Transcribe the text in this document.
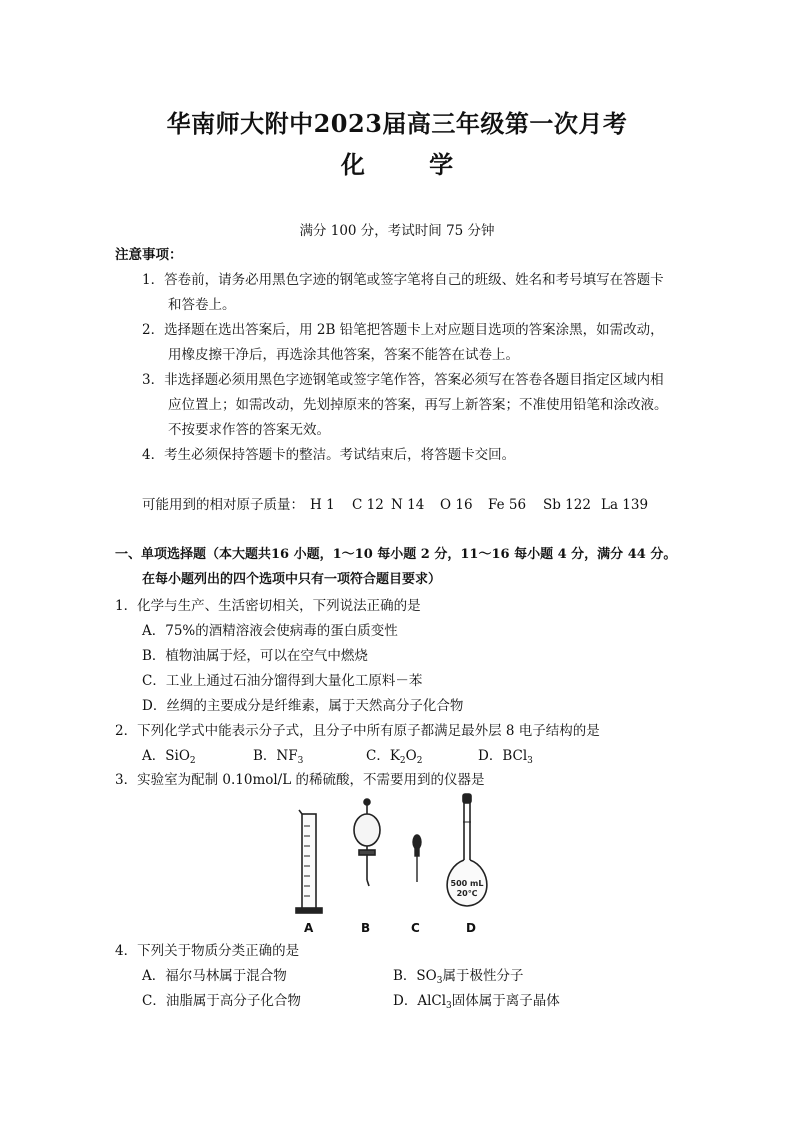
华南师大附中2023届高三年级第一次月考
化 学
满分 100 分，考试时间 75 分钟
注意事项：
1．答卷前，请务必用黑色字迹的钢笔或签字笔将自己的班级、姓名和考号填写在答题卡
和答卷上。
2．选择题在选出答案后，用 2B 铅笔把答题卡上对应题目选项的答案涂黑，如需改动，
用橡皮擦干净后，再选涂其他答案，答案不能答在试卷上。
3．非选择题必须用黑色字迹钢笔或签字笔作答，答案必须写在答卷各题目指定区域内相
应位置上；如需改动，先划掉原来的答案，再写上新答案；不准使用铅笔和涂改液。
不按要求作答的答案无效。
4．考生必须保持答题卡的整洁。考试结束后，将答题卡交回。
可能用到的相对原子质量： H 1 C 12 N 14 O 16 Fe 56 Sb 122 La 139
一、单项选择题（本大题共16 小题，1～10 每小题 2 分，11～16 每小题 4 分，满分 44 分。
在每小题列出的四个选项中只有一项符合题目要求）
1．化学与生产、生活密切相关，下列说法正确的是
A．75%的酒精溶液会使病毒的蛋白质变性
B．植物油属于烃，可以在空气中燃烧
C．工业上通过石油分馏得到大量化工原料－苯
D．丝绸的主要成分是纤维素，属于天然高分子化合物
2．下列化学式中能表示分子式，且分子中所有原子都满足最外层 8 电子结构的是
A．SiO$_2$	B．$NF_3$	C．$K_2O_2$	D．BCl$_3$
3．实验室为配制 0.10mol/L 的稀硫酸，不需要用到的仪器是
500 mL
20℃
A	B	C	D
4．下列关于物质分类正确的是
A．福尔马林属于混合物	B．$SO_3$属于极性分子
C．油脂属于高分子化合物	D．AlCl$_3$固体属于离子晶体
